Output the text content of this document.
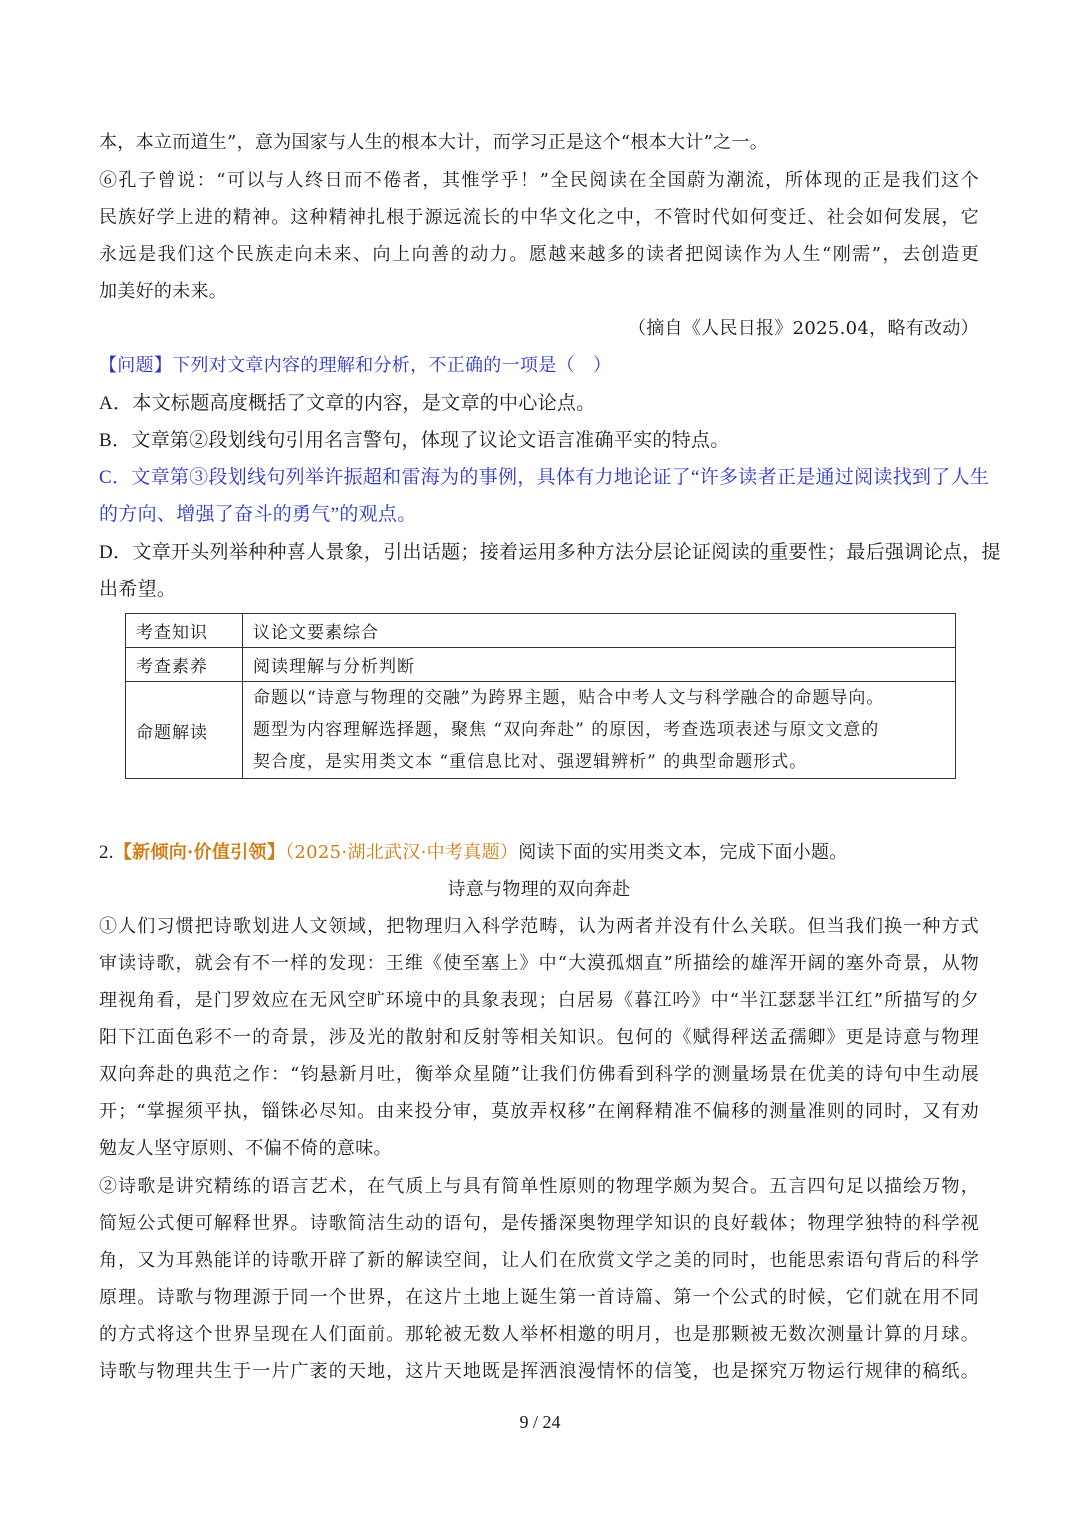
本，本立而道生”，意为国家与人生的根本大计，而学习正是这个“根本大计”之一。

⑥孔子曾说：“可以与人终日而不倦者，其惟学乎！”全民阅读在全国蔚为潮流，所体现的正是我们这个

民族好学上进的精神。这种精神扎根于源远流长的中华文化之中，不管时代如何变迁、社会如何发展，它

永远是我们这个民族走向未来、向上向善的动力。愿越来越多的读者把阅读作为人生“刚需”，去创造更

加美好的未来。

（摘自《人民日报》2025.04，略有改动）

【问题】下列对文章内容的理解和分析，不正确的一项是（　）

A．本文标题高度概括了文章的内容，是文章的中心论点。

B．文章第②段划线句引用名言警句，体现了议论文语言准确平实的特点。

C．文章第③段划线句列举许振超和雷海为的事例，具体有力地论证了“许多读者正是通过阅读找到了人生

的方向、增强了奋斗的勇气”的观点。

D．文章开头列举种种喜人景象，引出话题；接着运用多种方法分层论证阅读的重要性；最后强调论点，提

出希望。

考查知识	议论文要素综合
考查素养	阅读理解与分析判断
命题解读	命题以“诗意与物理的交融”为跨界主题，贴合中考人文与科学融合的命题导向。
题型为内容理解选择题，聚焦 “双向奔赴” 的原因，考查选项表述与原文文意的
契合度，是实用类文本 “重信息比对、强逻辑辨析” 的典型命题形式。

2.【新倾向·价值引领】（2025·湖北武汉·中考真题）阅读下面的实用类文本，完成下面小题。

诗意与物理的双向奔赴

①人们习惯把诗歌划进人文领域，把物理归入科学范畴，认为两者并没有什么关联。但当我们换一种方式

审读诗歌，就会有不一样的发现：王维《使至塞上》中“大漠孤烟直”所描绘的雄浑开阔的塞外奇景，从物

理视角看，是门罗效应在无风空旷环境中的具象表现；白居易《暮江吟》中“半江瑟瑟半江红”所描写的夕

阳下江面色彩不一的奇景，涉及光的散射和反射等相关知识。包何的《赋得秤送孟孺卿》更是诗意与物理

双向奔赴的典范之作：“钧悬新月吐，衡举众星随”让我们仿佛看到科学的测量场景在优美的诗句中生动展

开；“掌握须平执，锱铢必尽知。由来投分审，莫放弄权移”在阐释精准不偏移的测量准则的同时，又有劝

勉友人坚守原则、不偏不倚的意味。

②诗歌是讲究精练的语言艺术，在气质上与具有简单性原则的物理学颇为契合。五言四句足以描绘万物，

简短公式便可解释世界。诗歌简洁生动的语句，是传播深奥物理学知识的良好载体；物理学独特的科学视

角，又为耳熟能详的诗歌开辟了新的解读空间，让人们在欣赏文学之美的同时，也能思索语句背后的科学

原理。诗歌与物理源于同一个世界，在这片土地上诞生第一首诗篇、第一个公式的时候，它们就在用不同

的方式将这个世界呈现在人们面前。那轮被无数人举杯相邀的明月，也是那颗被无数次测量计算的月球。

诗歌与物理共生于一片广袤的天地，这片天地既是挥洒浪漫情怀的信笺，也是探究万物运行规律的稿纸。

9 / 24
